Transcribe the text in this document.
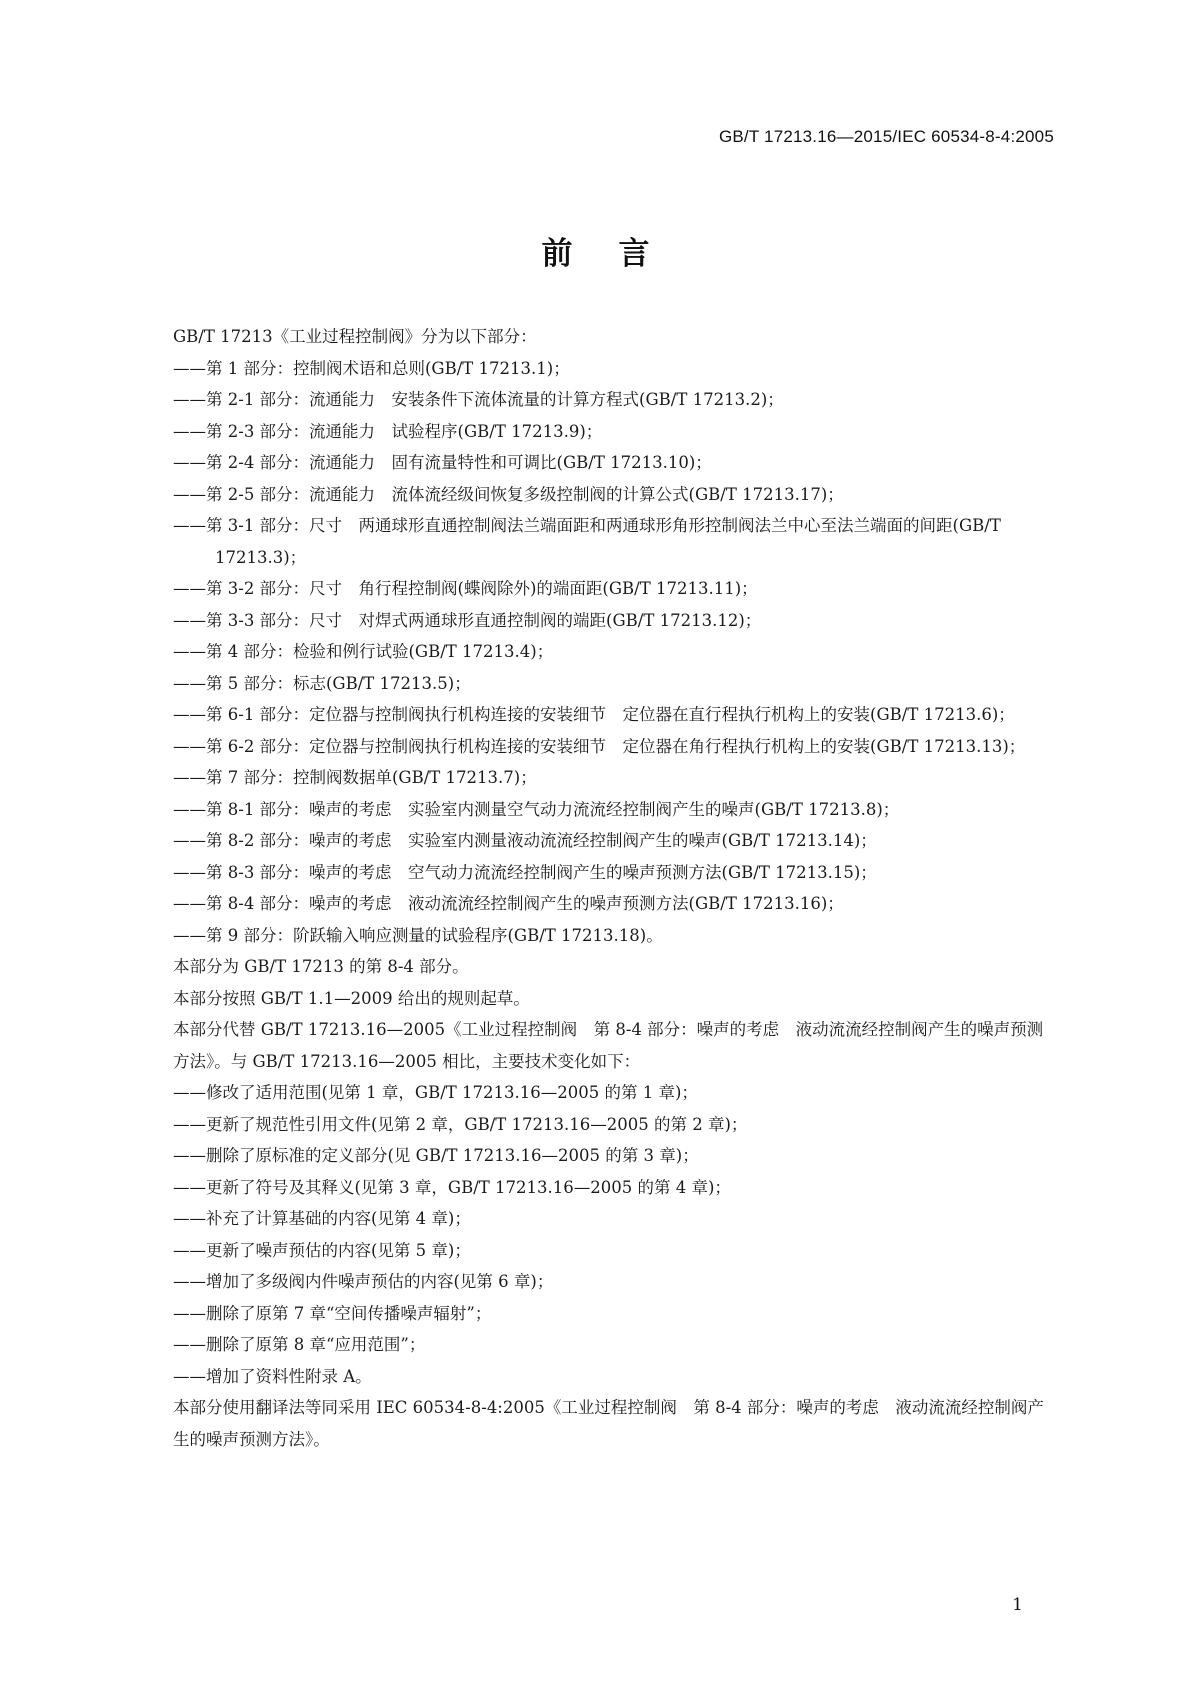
GB/T 17213.16—2015/IEC 60534-8-4:2005
前言

GB/T 17213《工业过程控制阀》分为以下部分：

——第 1 部分：控制阀术语和总则(GB/T 17213.1)；

——第 2-1 部分：流通能力　安装条件下流体流量的计算方程式(GB/T 17213.2)；

——第 2-3 部分：流通能力　试验程序(GB/T 17213.9)；

——第 2-4 部分：流通能力　固有流量特性和可调比(GB/T 17213.10)；

——第 2-5 部分：流通能力　流体流经级间恢复多级控制阀的计算公式(GB/T 17213.17)；

——第 3-1 部分：尺寸　两通球形直通控制阀法兰端面距和两通球形角形控制阀法兰中心至法兰端面的间距(GB/T 17213.3)；

——第 3-2 部分：尺寸　角行程控制阀(蝶阀除外)的端面距(GB/T 17213.11)；

——第 3-3 部分：尺寸　对焊式两通球形直通控制阀的端距(GB/T 17213.12)；

——第 4 部分：检验和例行试验(GB/T 17213.4)；

——第 5 部分：标志(GB/T 17213.5)；

——第 6-1 部分：定位器与控制阀执行机构连接的安装细节　定位器在直行程执行机构上的安装(GB/T 17213.6)；

——第 6-2 部分：定位器与控制阀执行机构连接的安装细节　定位器在角行程执行机构上的安装(GB/T 17213.13)；

——第 7 部分：控制阀数据单(GB/T 17213.7)；

——第 8-1 部分：噪声的考虑　实验室内测量空气动力流流经控制阀产生的噪声(GB/T 17213.8)；

——第 8-2 部分：噪声的考虑　实验室内测量液动流流经控制阀产生的噪声(GB/T 17213.14)；

——第 8-3 部分：噪声的考虑　空气动力流流经控制阀产生的噪声预测方法(GB/T 17213.15)；

——第 8-4 部分：噪声的考虑　液动流流经控制阀产生的噪声预测方法(GB/T 17213.16)；

——第 9 部分：阶跃输入响应测量的试验程序(GB/T 17213.18)。

本部分为 GB/T 17213 的第 8-4 部分。

本部分按照 GB/T 1.1—2009 给出的规则起草。

本部分代替 GB/T 17213.16—2005《工业过程控制阀　第 8-4 部分：噪声的考虑　液动流流经控制阀产生的噪声预测方法》。与 GB/T 17213.16—2005 相比，主要技术变化如下：

——修改了适用范围(见第 1 章，GB/T 17213.16—2005 的第 1 章)；

——更新了规范性引用文件(见第 2 章，GB/T 17213.16—2005 的第 2 章)；

——删除了原标准的定义部分(见 GB/T 17213.16—2005 的第 3 章)；

——更新了符号及其释义(见第 3 章，GB/T 17213.16—2005 的第 4 章)；

——补充了计算基础的内容(见第 4 章)；

——更新了噪声预估的内容(见第 5 章)；

——增加了多级阀内件噪声预估的内容(见第 6 章)；

——删除了原第 7 章“空间传播噪声辐射”；

——删除了原第 8 章“应用范围”；

——增加了资料性附录 A。

本部分使用翻译法等同采用 IEC 60534-8-4:2005《工业过程控制阀　第 8-4 部分：噪声的考虑　液动流流经控制阀产生的噪声预测方法》。

1
